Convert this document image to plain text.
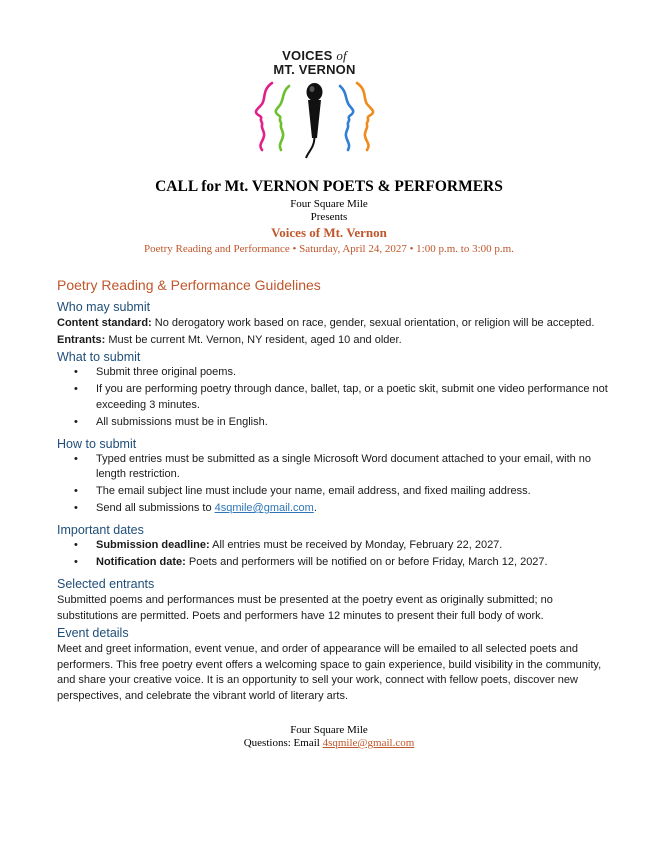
VOICES of
MT. VERNON
CALL for Mt. VERNON POETS & PERFORMERS
Four Square Mile
Presents
Voices of Mt. Vernon
Poetry Reading and Performance • Saturday, April 24, 2027 • 1:00 p.m. to 3:00 p.m.
Poetry Reading & Performance Guidelines
Who may submit
Content standard: No derogatory work based on race, gender, sexual orientation, or religion will be accepted.
Entrants: Must be current Mt. Vernon, NY resident, aged 10 and older.
What to submit
• Submit three original poems.
• If you are performing poetry through dance, ballet, tap, or a poetic skit, submit one video performance not exceeding 3 minutes.
• All submissions must be in English.
How to submit
• Typed entries must be submitted as a single Microsoft Word document attached to your email, with no length restriction.
• The email subject line must include your name, email address, and fixed mailing address.
• Send all submissions to 4sqmile@gmail.com.
Important dates
• Submission deadline: All entries must be received by Monday, February 22, 2027.
• Notification date: Poets and performers will be notified on or before Friday, March 12, 2027.
Selected entrants
Submitted poems and performances must be presented at the poetry event as originally submitted; no substitutions are permitted. Poets and performers have 12 minutes to present their full body of work.
Event details
Meet and greet information, event venue, and order of appearance will be emailed to all selected poets and performers. This free poetry event offers a welcoming space to gain experience, build visibility in the community, and share your creative voice. It is an opportunity to sell your work, connect with fellow poets, discover new perspectives, and celebrate the vibrant world of literary arts.
Four Square Mile
Questions: Email 4sqmile@gmail.com
